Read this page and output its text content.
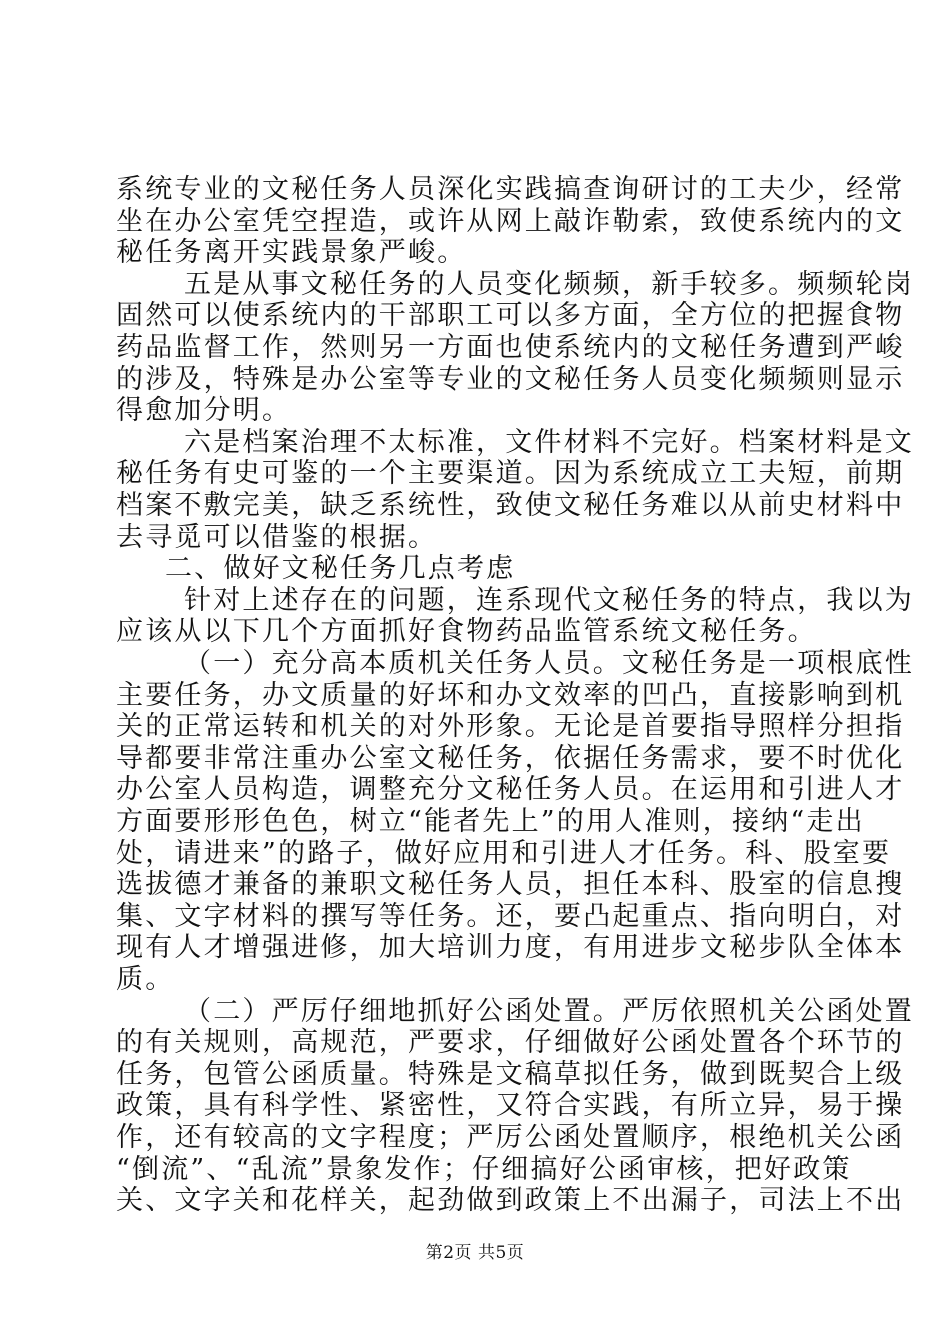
系统专业的文秘任务人员深化实践搞查询研讨的工夫少，经常
坐在办公室凭空捏造，或许从网上敲诈勒索，致使系统内的文
秘任务离开实践景象严峻。
五是从事文秘任务的人员变化频频，新手较多。频频轮岗
固然可以使系统内的干部职工可以多方面，全方位的把握食物
药品监督工作，然则另一方面也使系统内的文秘任务遭到严峻
的涉及，特殊是办公室等专业的文秘任务人员变化频频则显示
得愈加分明。
六是档案治理不太标准，文件材料不完好。档案材料是文
秘任务有史可鉴的一个主要渠道。因为系统成立工夫短，前期
档案不敷完美，缺乏系统性，致使文秘任务难以从前史材料中
去寻觅可以借鉴的根据。
二、做好文秘任务几点考虑
针对上述存在的问题，连系现代文秘任务的特点，我以为
应该从以下几个方面抓好食物药品监管系统文秘任务。
（一）充分高本质机关任务人员。文秘任务是一项根底性
主要任务，办文质量的好坏和办文效率的凹凸，直接影响到机
关的正常运转和机关的对外形象。无论是首要指导照样分担指
导都要非常注重办公室文秘任务，依据任务需求，要不时优化
办公室人员构造，调整充分文秘任务人员。在运用和引进人才
方面要形形色色，树立“能者先上”的用人准则，接纳“走出
处，请进来”的路子，做好应用和引进人才任务。科、股室要
选拔德才兼备的兼职文秘任务人员，担任本科、股室的信息搜
集、文字材料的撰写等任务。还，要凸起重点、指向明白，对
现有人才增强进修，加大培训力度，有用进步文秘步队全体本
质。
（二）严厉仔细地抓好公函处置。严厉依照机关公函处置
的有关规则，高规范，严要求，仔细做好公函处置各个环节的
任务，包管公函质量。特殊是文稿草拟任务，做到既契合上级
政策，具有科学性、紧密性，又符合实践，有所立异，易于操
作，还有较高的文字程度；严厉公函处置顺序，根绝机关公函
“倒流”、“乱流”景象发作；仔细搞好公函审核，把好政策
关、文字关和花样关，起劲做到政策上不出漏子，司法上不出
第2页 共5页
